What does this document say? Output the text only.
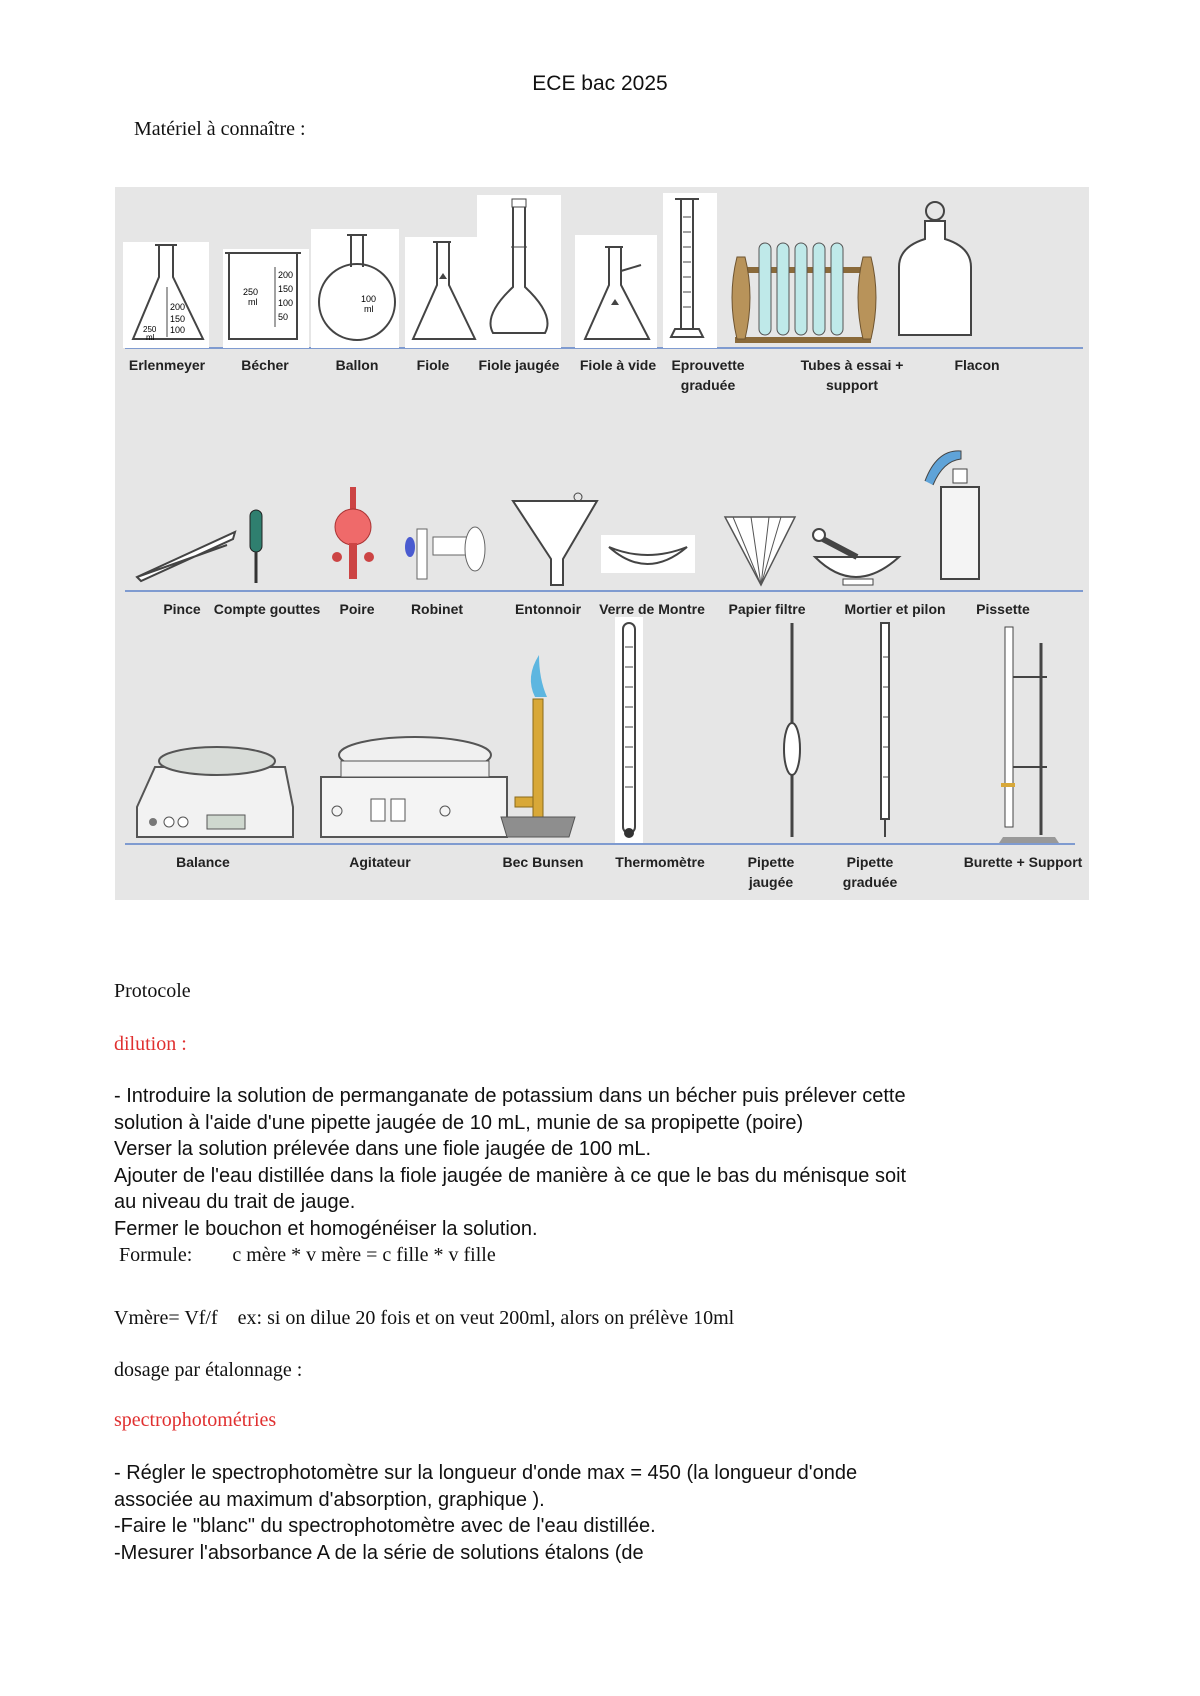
ECE bac 2025
Matériel à connaître :
200
150
100
250
ml
200
150
100
50
250
ml	100
ml
Erlenmeyer	Bécher	Ballon	Fiole Fiole jaugée Fiole à vide Eprouvette
graduée
Tubes à essai +
support
Flacon
Pince Compte gouttes Poire	Robinet	Entonnoir Verre de Montre Papier filtre	Mortier et pilon Pissette
Balance	Agitateur	Bec Bunsen Thermomètre	Pipette
jaugée
Pipette
graduée
Burette + Support
Protocole
dilution :
- Introduire la solution de permanganate de potassium dans un bécher puis prélever cette
solution à l'aide d'une pipette jaugée de 10 mL, munie de sa propipette (poire)
Verser la solution prélevée dans une fiole jaugée de 100 mL.
Ajouter de l'eau distillée dans la fiole jaugée de manière à ce que le bas du ménisque soit
au niveau du trait de jauge.
Fermer le bouchon et homogénéiser la solution.
Formule:        c mère * v mère = c fille * v fille
Vmère= Vf/f    ex: si on dilue 20 fois et on veut 200ml, alors on prélève 10ml
dosage par étalonnage :
spectrophotométries
- Régler le spectrophotomètre sur la longueur d'onde max = 450 (la longueur d'onde
associée au maximum d'absorption, graphique ).
-Faire le "blanc" du spectrophotomètre avec de l'eau distillée.
-Mesurer l'absorbance A de la série de solutions étalons (de
